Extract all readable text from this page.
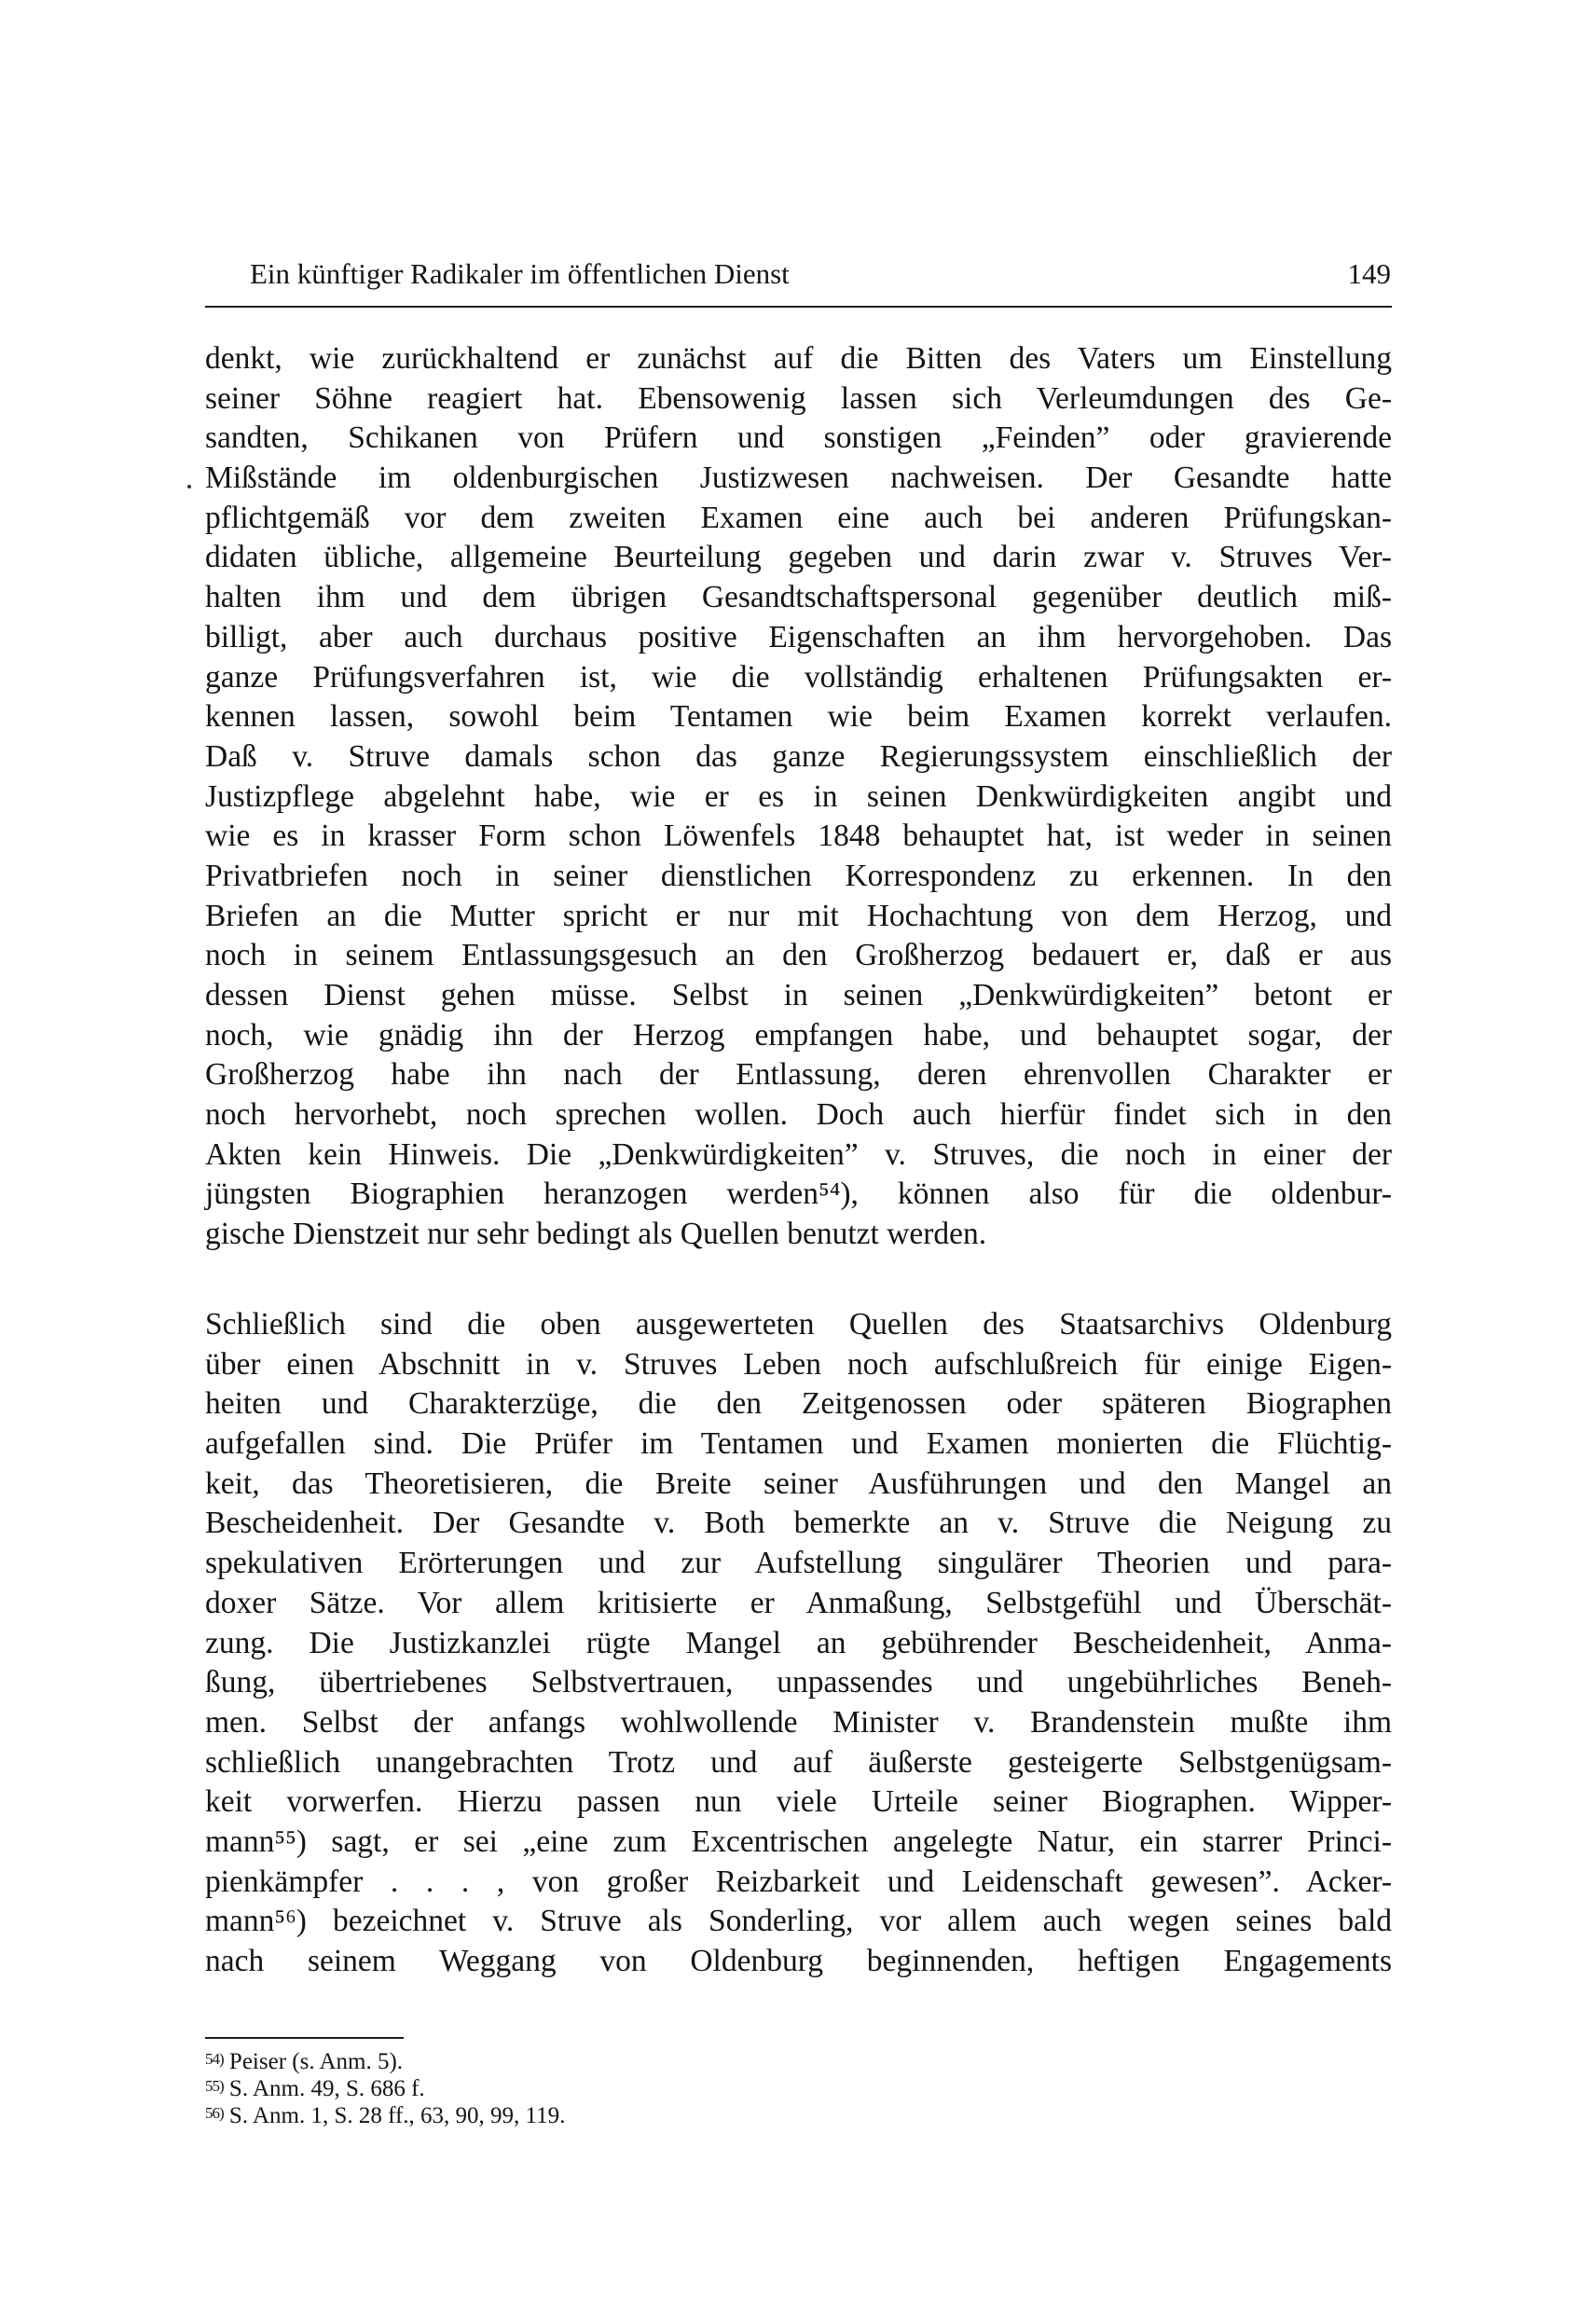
Ein künftiger Radikaler im öffentlichen Dienst	149
denkt, wie zurückhaltend er zunächst auf die Bitten des Vaters um Einstellung
seiner Söhne reagiert hat. Ebensowenig lassen sich Verleumdungen des Ge-
sandten, Schikanen von Prüfern und sonstigen „Feinden” oder gravierende
Mißstände im oldenburgischen Justizwesen nachweisen. Der Gesandte hatte
pflichtgemäß vor dem zweiten Examen eine auch bei anderen Prüfungskan-
didaten übliche, allgemeine Beurteilung gegeben und darin zwar v. Struves Ver-
halten ihm und dem übrigen Gesandtschaftspersonal gegenüber deutlich miß-
billigt, aber auch durchaus positive Eigenschaften an ihm hervorgehoben. Das
ganze Prüfungsverfahren ist, wie die vollständig erhaltenen Prüfungsakten er-
kennen lassen, sowohl beim Tentamen wie beim Examen korrekt verlaufen.
Daß v. Struve damals schon das ganze Regierungssystem einschließlich der
Justizpflege abgelehnt habe, wie er es in seinen Denkwürdigkeiten angibt und
wie es in krasser Form schon Löwenfels 1848 behauptet hat, ist weder in seinen
Privatbriefen noch in seiner dienstlichen Korrespondenz zu erkennen. In den
Briefen an die Mutter spricht er nur mit Hochachtung von dem Herzog, und
noch in seinem Entlassungsgesuch an den Großherzog bedauert er, daß er aus
dessen Dienst gehen müsse. Selbst in seinen „Denkwürdigkeiten” betont er
noch, wie gnädig ihn der Herzog empfangen habe, und behauptet sogar, der
Großherzog habe ihn nach der Entlassung, deren ehrenvollen Charakter er
noch hervorhebt, noch sprechen wollen. Doch auch hierfür findet sich in den
Akten kein Hinweis. Die „Denkwürdigkeiten” v. Struves, die noch in einer der
jüngsten Biographien heranzogen werden⁵⁴), können also für die oldenbur-
gische Dienstzeit nur sehr bedingt als Quellen benutzt werden.
Schließlich sind die oben ausgewerteten Quellen des Staatsarchivs Oldenburg
über einen Abschnitt in v. Struves Leben noch aufschlußreich für einige Eigen-
heiten und Charakterzüge, die den Zeitgenossen oder späteren Biographen
aufgefallen sind. Die Prüfer im Tentamen und Examen monierten die Flüchtig-
keit, das Theoretisieren, die Breite seiner Ausführungen und den Mangel an
Bescheidenheit. Der Gesandte v. Both bemerkte an v. Struve die Neigung zu
spekulativen Erörterungen und zur Aufstellung singulärer Theorien und para-
doxer Sätze. Vor allem kritisierte er Anmaßung, Selbstgefühl und Überschät-
zung. Die Justizkanzlei rügte Mangel an gebührender Bescheidenheit, Anma-
ßung, übertriebenes Selbstvertrauen, unpassendes und ungebührliches Beneh-
men. Selbst der anfangs wohlwollende Minister v. Brandenstein mußte ihm
schließlich unangebrachten Trotz und auf äußerste gesteigerte Selbstgenügsam-
keit vorwerfen. Hierzu passen nun viele Urteile seiner Biographen. Wipper-
mann⁵⁵) sagt, er sei „eine zum Excentrischen angelegte Natur, ein starrer Princi-
pienkämpfer . . . , von großer Reizbarkeit und Leidenschaft gewesen”. Acker-
mann⁵⁶) bezeichnet v. Struve als Sonderling, vor allem auch wegen seines bald
nach seinem Weggang von Oldenburg beginnenden, heftigen Engagements
$^{54)}$ Peiser (s. Anm. 5).
$^{55)}$ S. Anm. 49, S. 686 f.
$^{56)}$ S. Anm. 1, S. 28 ff., 63, 90, 99, 119.
